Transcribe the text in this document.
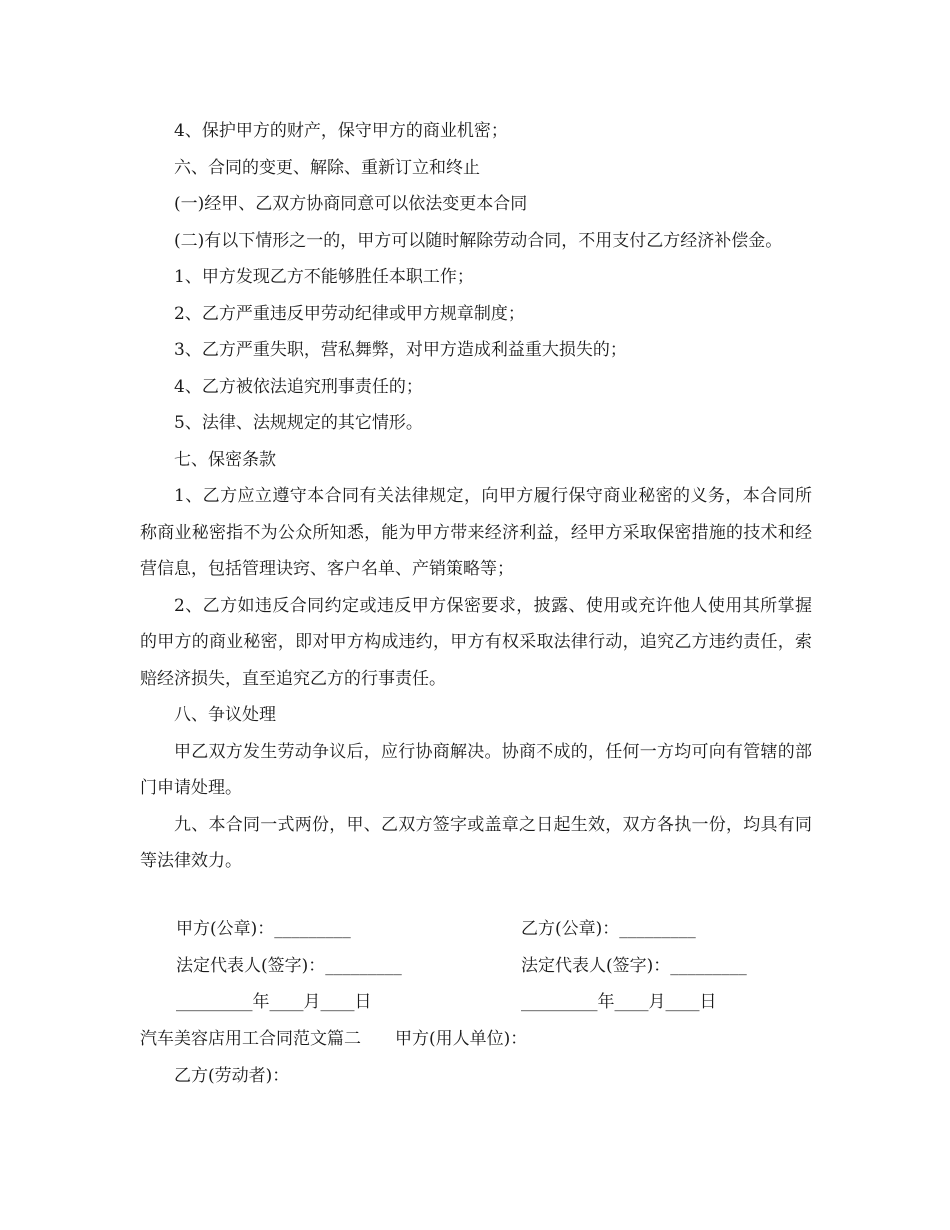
4、保护甲方的财产，保守甲方的商业机密；

六、合同的变更、解除、重新订立和终止

(一)经甲、乙双方协商同意可以依法变更本合同

(二)有以下情形之一的，甲方可以随时解除劳动合同，不用支付乙方经济补偿金。

1、甲方发现乙方不能够胜任本职工作；

2、乙方严重违反甲劳动纪律或甲方规章制度；

3、乙方严重失职，营私舞弊，对甲方造成利益重大损失的；

4、乙方被依法追究刑事责任的；

5、法律、法规规定的其它情形。

七、保密条款

1、乙方应立遵守本合同有关法律规定，向甲方履行保守商业秘密的义务，本合同所称商业秘密指不为公众所知悉，能为甲方带来经济利益，经甲方采取保密措施的技术和经营信息，包括管理诀窍、客户名单、产销策略等；

2、乙方如违反合同约定或违反甲方保密要求，披露、使用或充许他人使用其所掌握的甲方的商业秘密，即对甲方构成违约，甲方有权采取法律行动，追究乙方违约责任，索赔经济损失，直至追究乙方的行事责任。

八、争议处理

甲乙双方发生劳动争议后，应行协商解决。协商不成的，任何一方均可向有管辖的部门申请处理。

九、本合同一式两份，甲、乙双方签字或盖章之日起生效，双方各执一份，均具有同等法律效力。

甲方(公章)：_________	乙方(公章)：_________
法定代表人(签字)：_________	法定代表人(签字)：_________
_________年____月____日	_________年____月____日
汽车美容店用工合同范文篇二　　甲方(用人单位)：
　　乙方(劳动者)：
